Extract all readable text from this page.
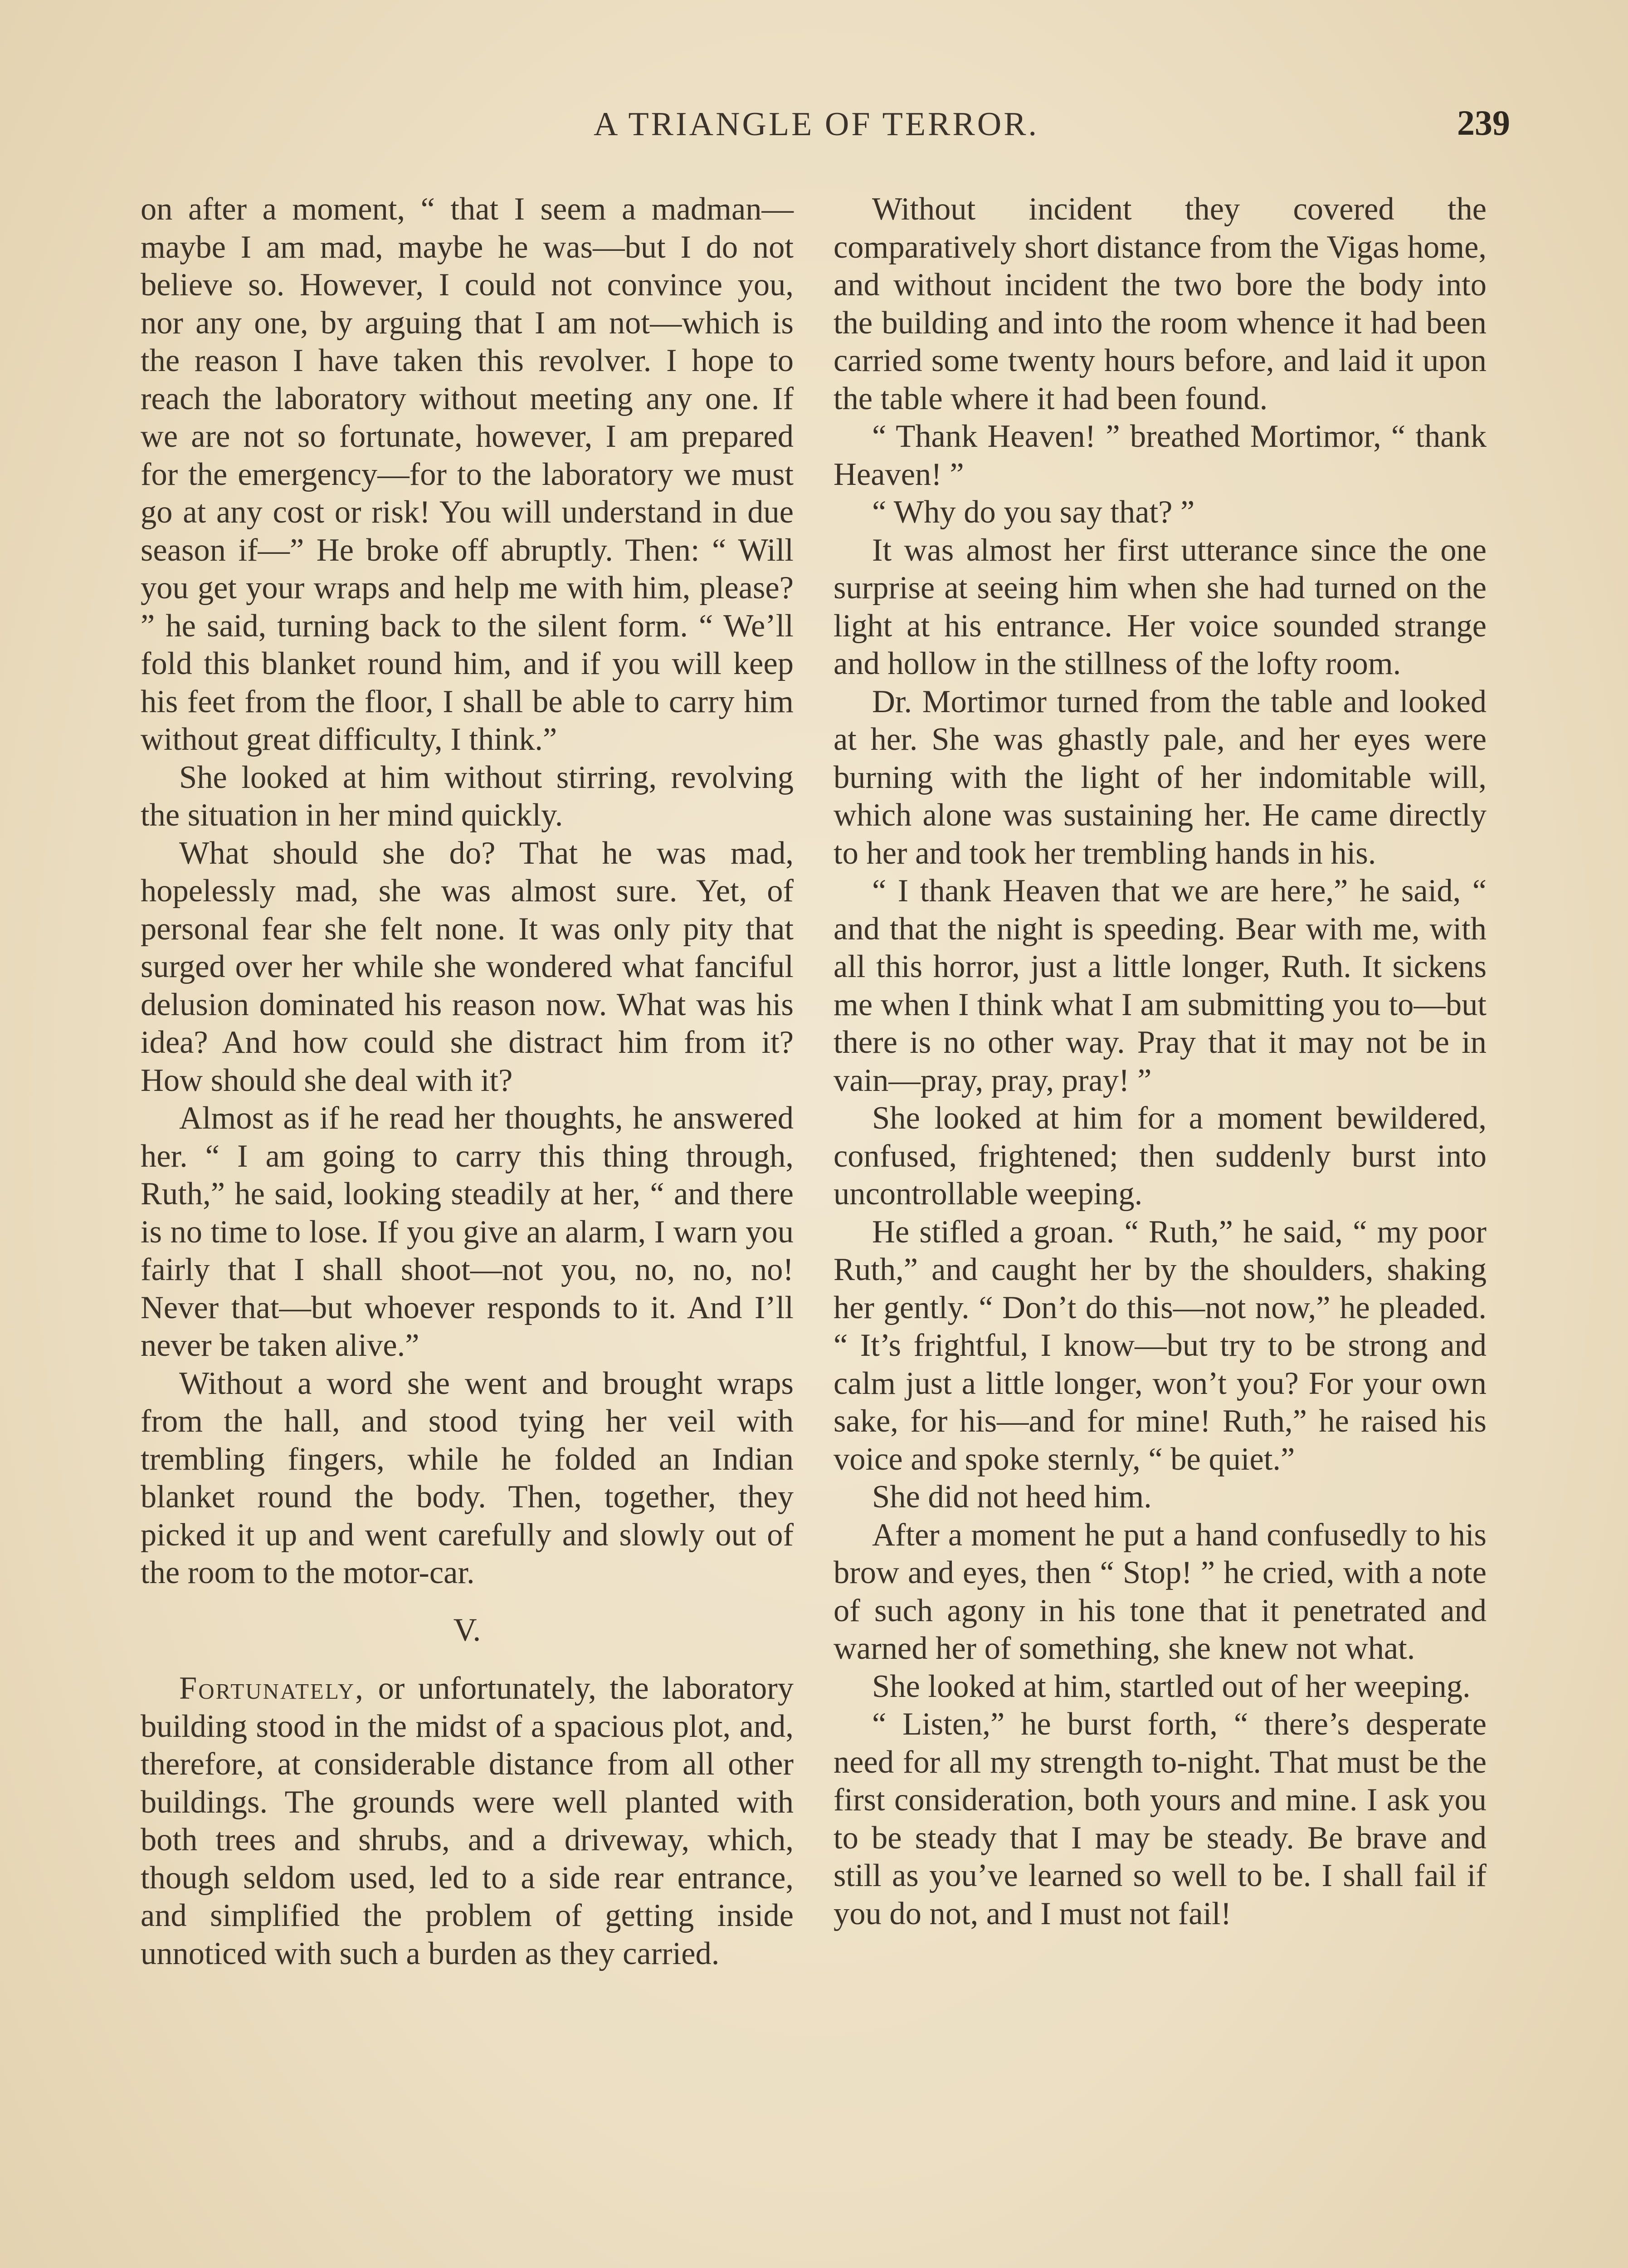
A TRIANGLE OF TERROR.	239

on after a moment, “ that I seem a madman—maybe I am mad, maybe he was—but I do not believe so. However, I could not convince you, nor any one, by arguing that I am not—which is the reason I have taken this revolver. I hope to reach the laboratory without meeting any one. If we are not so fortunate, however, I am prepared for the emergency—for to the laboratory we must go at any cost or risk! You will understand in due season if—” He broke off abruptly. Then: “ Will you get your wraps and help me with him, please? ” he said, turning back to the silent form. “ We’ll fold this blanket round him, and if you will keep his feet from the floor, I shall be able to carry him without great difficulty, I think.”

She looked at him without stirring, revolving the situation in her mind quickly.

What should she do? That he was mad, hopelessly mad, she was almost sure. Yet, of personal fear she felt none. It was only pity that surged over her while she wondered what fanciful delusion dominated his reason now. What was his idea? And how could she distract him from it? How should she deal with it?

Almost as if he read her thoughts, he answered her. “ I am going to carry this thing through, Ruth,” he said, looking steadily at her, “ and there is no time to lose. If you give an alarm, I warn you fairly that I shall shoot—not you, no, no, no! Never that—but whoever responds to it. And I’ll never be taken alive.”

Without a word she went and brought wraps from the hall, and stood tying her veil with trembling fingers, while he folded an Indian blanket round the body. Then, together, they picked it up and went carefully and slowly out of the room to the motor-car.

V.

Fortunately, or unfortunately, the laboratory building stood in the midst of a spacious plot, and, therefore, at considerable distance from all other buildings. The grounds were well planted with both trees and shrubs, and a driveway, which, though seldom used, led to a side rear entrance, and simplified the problem of getting inside unnoticed with such a burden as they carried.

Without incident they covered the comparatively short distance from the Vigas home, and without incident the two bore the body into the building and into the room whence it had been carried some twenty hours before, and laid it upon the table where it had been found.

“ Thank Heaven! ” breathed Mortimor, “ thank Heaven! ”

“ Why do you say that? ”

It was almost her first utterance since the one surprise at seeing him when she had turned on the light at his entrance. Her voice sounded strange and hollow in the stillness of the lofty room.

Dr. Mortimor turned from the table and looked at her. She was ghastly pale, and her eyes were burning with the light of her indomitable will, which alone was sustaining her. He came directly to her and took her trembling hands in his.

“ I thank Heaven that we are here,” he said, “ and that the night is speeding. Bear with me, with all this horror, just a little longer, Ruth. It sickens me when I think what I am submitting you to—but there is no other way. Pray that it may not be in vain—pray, pray, pray! ”

She looked at him for a moment bewildered, confused, frightened; then suddenly burst into uncontrollable weeping.

He stifled a groan. “ Ruth,” he said, “ my poor Ruth,” and caught her by the shoulders, shaking her gently. “ Don’t do this—not now,” he pleaded. “ It’s frightful, I know—but try to be strong and calm just a little longer, won’t you? For your own sake, for his—and for mine! Ruth,” he raised his voice and spoke sternly, “ be quiet.”

She did not heed him.

After a moment he put a hand confusedly to his brow and eyes, then “ Stop! ” he cried, with a note of such agony in his tone that it penetrated and warned her of something, she knew not what.

She looked at him, startled out of her weeping.

“ Listen,” he burst forth, “ there’s desperate need for all my strength to-night. That must be the first consideration, both yours and mine. I ask you to be steady that I may be steady. Be brave and still as you’ve learned so well to be. I shall fail if you do not, and I must not fail!
